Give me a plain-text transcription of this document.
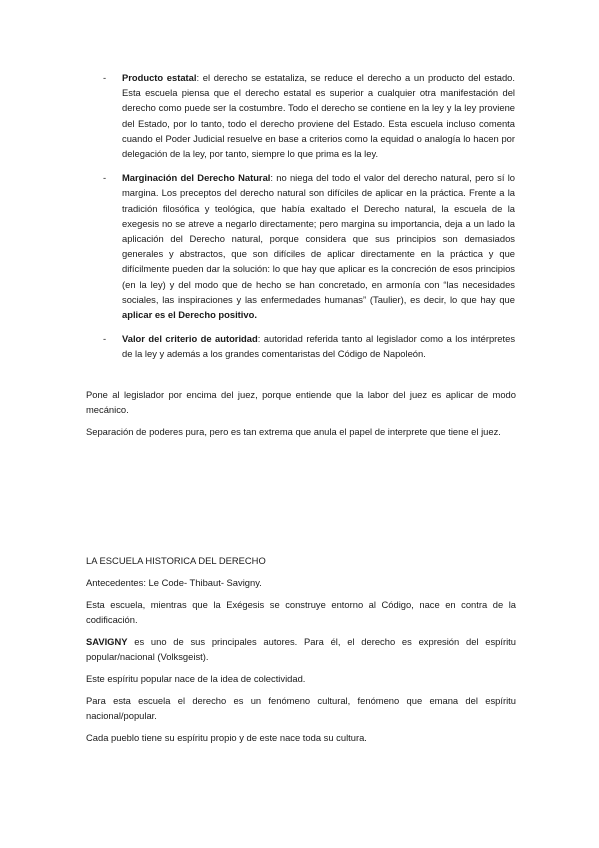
- Producto estatal: el derecho se estataliza, se reduce el derecho a un producto del estado. Esta escuela piensa que el derecho estatal es superior a cualquier otra manifestación del derecho como puede ser la costumbre. Todo el derecho se contiene en la ley y la ley proviene del Estado, por lo tanto, todo el derecho proviene del Estado. Esta escuela incluso comenta cuando el Poder Judicial resuelve en base a criterios como la equidad o analogía lo hacen por delegación de la ley, por tanto, siempre lo que prima es la ley.
- Marginación del Derecho Natural: no niega del todo el valor del derecho natural, pero sí lo margina. Los preceptos del derecho natural son difíciles de aplicar en la práctica. Frente a la tradición filosófica y teológica, que había exaltado el Derecho natural, la escuela de la exegesis no se atreve a negarlo directamente; pero margina su importancia, deja a un lado la aplicación del Derecho natural, porque considera que sus principios son demasiados generales y abstractos, que son difíciles de aplicar directamente en la práctica y que difícilmente pueden dar la solución: lo que hay que aplicar es la concreción de esos principios (en la ley) y del modo que de hecho se han concretado, en armonía con “las necesidades sociales, las inspiraciones y las enfermedades humanas” (Taulier), es decir, lo que hay que aplicar es el Derecho positivo.
- Valor del criterio de autoridad: autoridad referida tanto al legislador como a los intérpretes de la ley y además a los grandes comentaristas del Código de Napoleón.

Pone al legislador por encima del juez, porque entiende que la labor del juez es aplicar de modo mecánico.

Separación de poderes pura, pero es tan extrema que anula el papel de interprete que tiene el juez.

LA ESCUELA HISTORICA DEL DERECHO

Antecedentes: Le Code- Thibaut- Savigny.

Esta escuela, mientras que la Exégesis se construye entorno al Código, nace en contra de la codificación.

SAVIGNY es uno de sus principales autores. Para él, el derecho es expresión del espíritu popular/nacional (Volksgeist).

Este espíritu popular nace de la idea de colectividad.

Para esta escuela el derecho es un fenómeno cultural, fenómeno que emana del espíritu nacional/popular.

Cada pueblo tiene su espíritu propio y de este nace toda su cultura.
